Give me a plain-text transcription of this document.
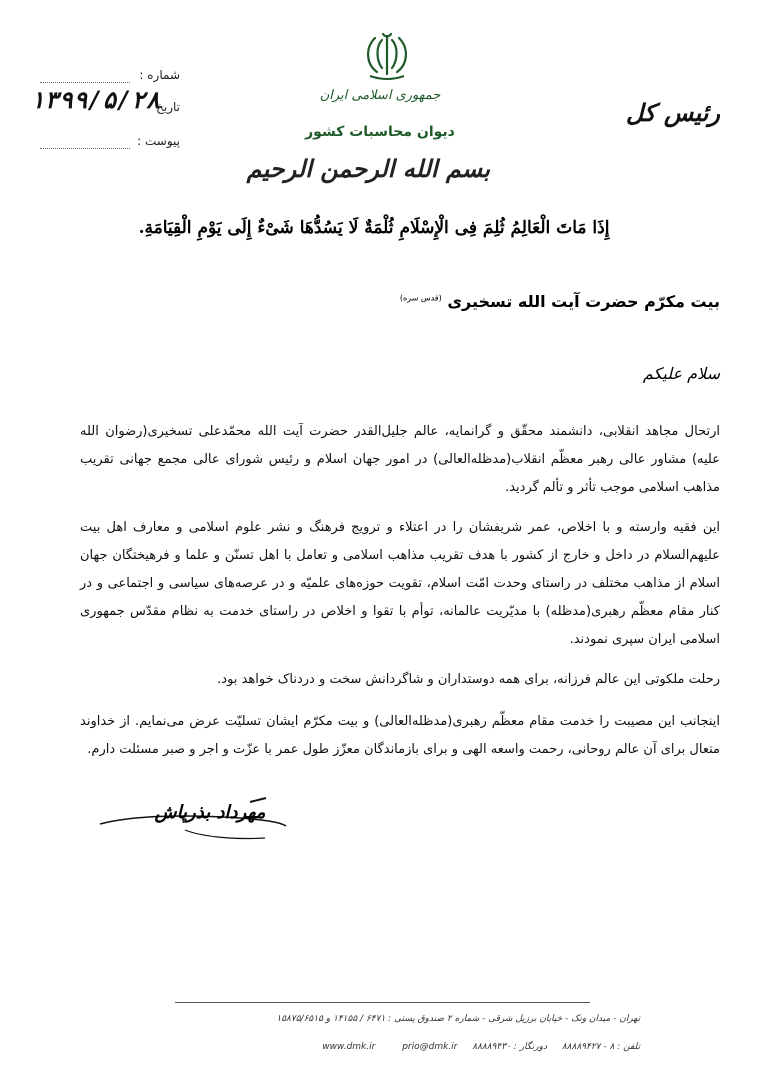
جمهوری اسلامی ایران
دیوان محاسبات کشور
بسم الله الرحمن الرحیم
رئیس کل
شماره :
تاریخ
۱۳۹۹/۵/۲۸
پیوست :
إِذَا مَاتَ الْعَالِمُ ثُلِمَ فِی الْإِسْلَامِ ثُلْمَةٌ لَا یَسُدُّهَا شَیْءٌ إِلَی یَوْمِ الْقِیَامَةِ.
بیت مکرّم حضرت آیت الله تسخیری $^{(قدس سره)}$
سلام علیکم
ارتحال مجاهد انقلابی، دانشمند محقّق و گرانمایه، عالم جلیل‌القدر حضرت آیت الله محمّدعلی تسخیری(رضوان الله علیه) مشاور عالی رهبر معظّم انقلاب(مدظله‌العالی) در امور جهان اسلام و رئیس شورای عالی مجمع جهانی تقریب مذاهب اسلامی موجب تأثر و تألم گردید.
این فقیه وارسته و با اخلاص، عمر شریفشان را در اعتلاء و ترویج فرهنگ و نشر علوم اسلامی و معارف اهل بیت علیهم‌السلام در داخل و خارج از کشور با هدف تقریب مذاهب اسلامی و تعامل با اهل تسنّن و علما و فرهیختگان جهان اسلام از مذاهب مختلف در راستای وحدت امّت اسلام، تقویت حوزه‌های علمیّه و در عرصه‌های سیاسی و اجتماعی و در کنار مقام معظّم رهبری(مدظله) با مدیّریت عالمانه، توأم با تقوا و اخلاص در راستای خدمت به نظام مقدّس جمهوری اسلامی ایران سپری نمودند.
رحلت ملکوتی این عالم فرزانه، برای همه دوستداران و شاگردانش سخت و دردناک خواهد بود.
اینجانب این مصیبت را خدمت مقام معظّم رهبری(مدظله‌العالی) و بیت مکرّم ایشان تسلیّت عرض می‌نمایم. از خداوند متعال برای آن عالم روحانی، رحمت واسعه الهی و برای بازماندگان معزّز طول عمر با عزّت و اجر و صبر مسئلت دارم.
مهرداد بذرپاش
تهران - میدان ونک - خیابان برزیل شرقی - شماره ۲ صندوق پستی : ۶۴۷۱ / ۱۴۱۵۵ و ۱۵۸۷۵/۶۵۱۵
تلفن : ۸ - ۸۸۸۸۹۴۲۷ دورنگار : ۸۸۸۸۹۴۳۰ www.dmk.ir	prio@dmk.ir
